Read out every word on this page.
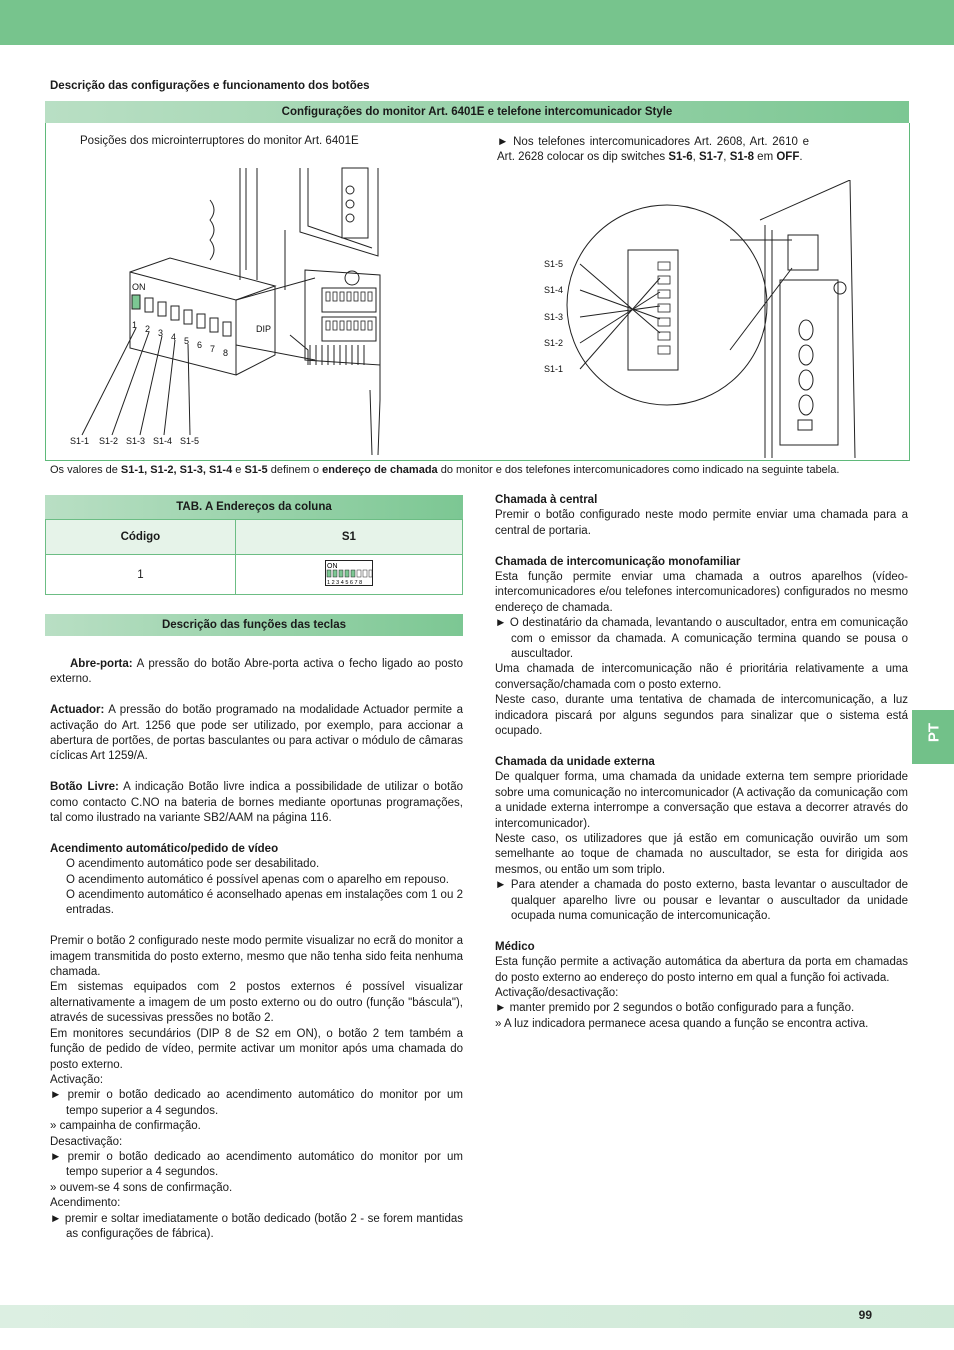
Descrição das configurações e funcionamento dos botões
Configurações do monitor Art. 6401E e telefone intercomunicador Style
Posições dos microinterruptores do monitor Art. 6401E	► Nos telefones intercomunicadores Art. 2608, Art. 2610 e Art. 2628 colocar os dip switches S1-6, S1-7, S1-8 em OFF.
ON
DIP
1 2 3 4 5 6 7 8
S1-1 S1-2 S1-3 S1-4 S1-5
S1-5
S1-4
S1-3
S1-2
S1-1
Os valores de S1-1, S1-2, S1-3, S1-4 e S1-5 definem o endereço de chamada do monitor e dos telefones intercomunicadores como indicado na seguinte tabela.
TAB. A Endereços da coluna
Código	S1
1	ON
1 2 3 4 5 6 7 8
Descrição das funções das teclas

Abre-porta: A pressão do botão Abre-porta activa o fecho ligado ao posto externo.

Actuador: A pressão do botão programado na modalidade Actuador permite a activação do Art. 1256 que pode ser utilizado, por exemplo, para accionar a abertura de portões, de portas basculantes ou para activar o módulo de câmaras cíclicas Art 1259/A.

Botão Livre: A indicação Botão livre indica a possibilidade de utilizar o botão como contacto C.NO na bateria de bornes mediante oportunas programações, tal como ilustrado na variante SB2/AAM na página 116.

Acendimento automático/pedido de vídeo

O acendimento automático pode ser desabilitado.

O acendimento automático é possível apenas com o aparelho em repouso.

O acendimento automático é aconselhado apenas em instalações com 1 ou 2 entradas.

Premir o botão 2 configurado neste modo permite visualizar no ecrã do monitor a imagem transmitida do posto externo, mesmo que não tenha sido feita nenhuma chamada.

Em sistemas equipados com 2 postos externos é possível visualizar alternativamente a imagem de um posto externo ou do outro (função "báscula"), através de sucessivas pressões no botão 2.

Em monitores secundários (DIP 8 de S2 em ON), o botão 2 tem também a função de pedido de vídeo, permite activar um monitor após uma chamada do posto externo.

Activação:

► premir o botão dedicado ao acendimento automático do monitor por um tempo superior a 4 segundos.

» campainha de confirmação.

Desactivação:

► premir o botão dedicado ao acendimento automático do monitor por um tempo superior a 4 segundos.

» ouvem-se 4 sons de confirmação.

Acendimento:

► premir e soltar imediatamente o botão dedicado (botão 2 - se forem mantidas as configurações de fábrica).

Chamada à central

Premir o botão configurado neste modo permite enviar uma chamada para a central de portaria.

Chamada de intercomunicação monofamiliar

Esta função permite enviar uma chamada a outros aparelhos (vídeo-intercomunicadores e/ou telefones intercomunicadores) configurados no mesmo endereço de chamada.

► O destinatário da chamada, levantando o auscultador, entra em comunicação com o emissor da chamada. A comunicação termina quando se pousa o auscultador.

Uma chamada de intercomunicação não é prioritária relativamente a uma conversação/chamada com o posto externo.

Neste caso, durante uma tentativa de chamada de intercomunicação, a luz indicadora piscará por alguns segundos para sinalizar que o sistema está ocupado.

Chamada da unidade externa

De qualquer forma, uma chamada da unidade externa tem sempre prioridade sobre uma comunicação no intercomunicador (A activação da comunicação com a unidade externa interrompe a conversação que estava a decorrer através do intercomunicador).

Neste caso, os utilizadores que já estão em comunicação ouvirão um som semelhante ao toque de chamada no auscultador, se esta for dirigida aos mesmos, ou então um som triplo.

► Para atender a chamada do posto externo, basta levantar o auscultador de qualquer aparelho livre ou pousar e levantar o auscultador da unidade ocupada numa comunicação de intercomunicação.

Médico

Esta função permite a activação automática da abertura da porta em chamadas do posto externo ao endereço do posto interno em qual a função foi activada.

Activação/desactivação:

► manter premido por 2 segundos o botão configurado para a função.

» A luz indicadora permanece acesa quando a função se encontra activa.

PT
99
